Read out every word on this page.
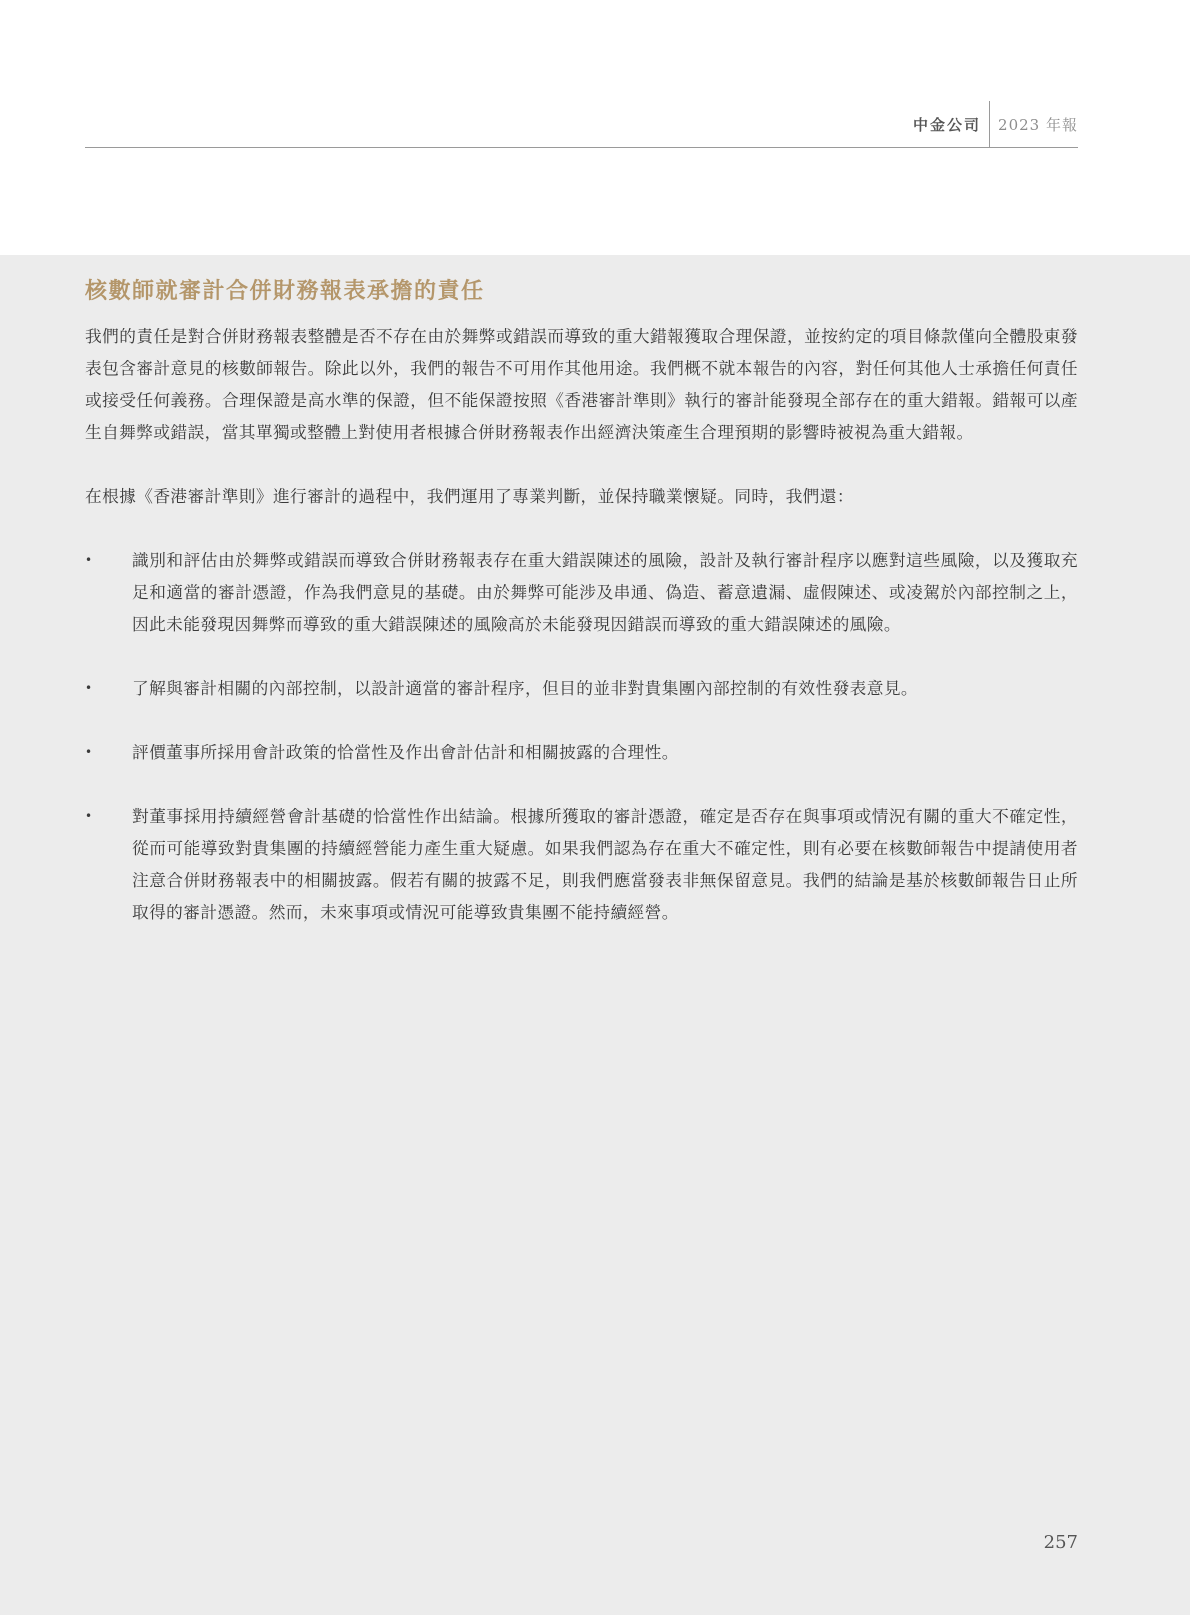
中金公司	2023 年報
核數師就審計合併財務報表承擔的責任

我們的責任是對合併財務報表整體是否不存在由於舞弊或錯誤而導致的重大錯報獲取合理保證，並按約定的項目條款僅向全體股東發表包含審計意見的核數師報告。除此以外，我們的報告不可用作其他用途。我們概不就本報告的內容，對任何其他人士承擔任何責任或接受任何義務。合理保證是高水準的保證，但不能保證按照《香港審計準則》執行的審計能發現全部存在的重大錯報。錯報可以產生自舞弊或錯誤，當其單獨或整體上對使用者根據合併財務報表作出經濟決策產生合理預期的影響時被視為重大錯報。

在根據《香港審計準則》進行審計的過程中，我們運用了專業判斷，並保持職業懷疑。同時，我們還：

• 識別和評估由於舞弊或錯誤而導致合併財務報表存在重大錯誤陳述的風險，設計及執行審計程序以應對這些風險，以及獲取充足和適當的審計憑證，作為我們意見的基礎。由於舞弊可能涉及串通、偽造、蓄意遺漏、虛假陳述、或凌駕於內部控制之上，因此未能發現因舞弊而導致的重大錯誤陳述的風險高於未能發現因錯誤而導致的重大錯誤陳述的風險。
• 了解與審計相關的內部控制，以設計適當的審計程序，但目的並非對貴集團內部控制的有效性發表意見。
• 評價董事所採用會計政策的恰當性及作出會計估計和相關披露的合理性。
• 對董事採用持續經營會計基礎的恰當性作出結論。根據所獲取的審計憑證，確定是否存在與事項或情況有關的重大不確定性，從而可能導致對貴集團的持續經營能力產生重大疑慮。如果我們認為存在重大不確定性，則有必要在核數師報告中提請使用者注意合併財務報表中的相關披露。假若有關的披露不足，則我們應當發表非無保留意見。我們的結論是基於核數師報告日止所取得的審計憑證。然而，未來事項或情況可能導致貴集團不能持續經營。
257
